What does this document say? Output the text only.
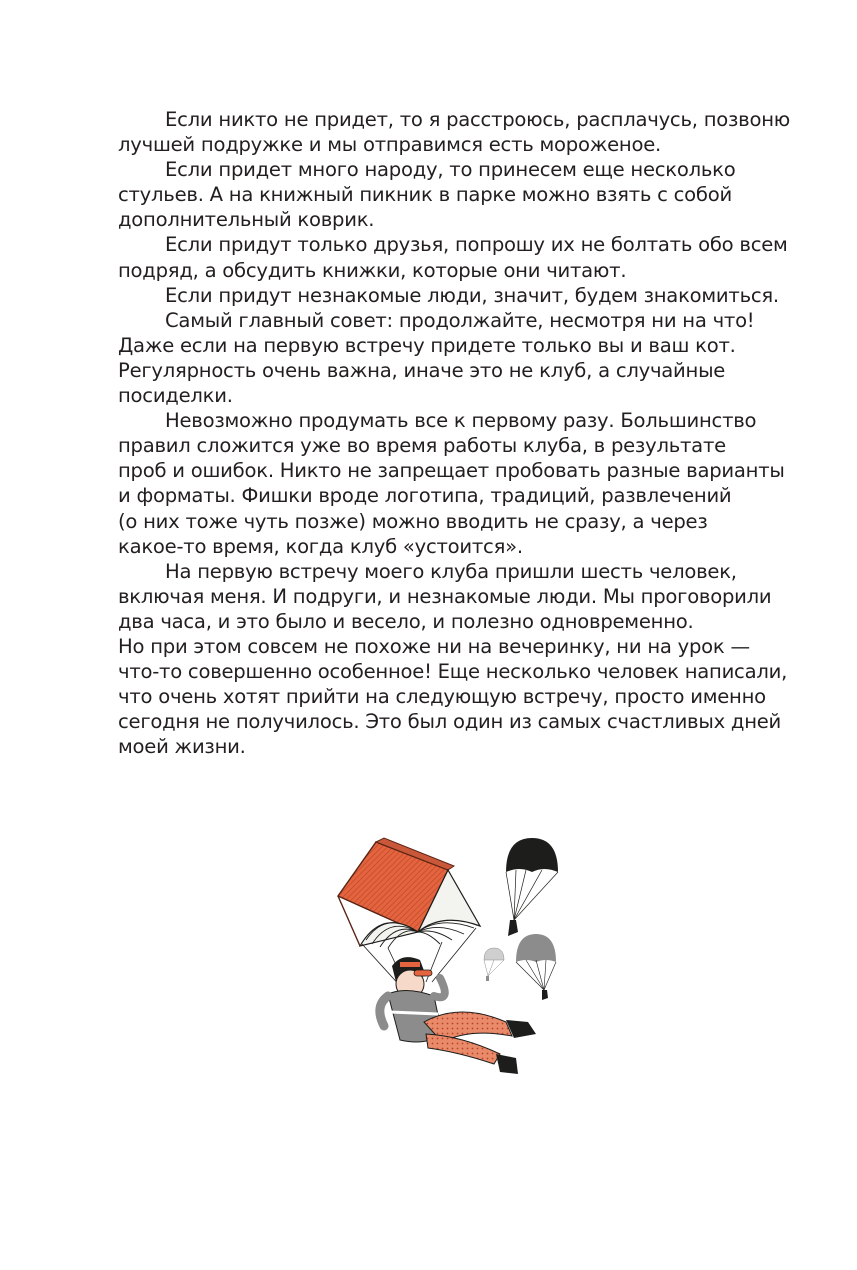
Если никто не придет, то я расстроюсь, расплачусь, позвоню
лучшей подружке и мы отправимся есть мороженое.
Если придет много народу, то принесем еще несколько
стульев. А на книжный пикник в парке можно взять с собой
дополнительный коврик.
Если придут только друзья, попрошу их не болтать обо всем
подряд, а обсудить книжки, которые они читают.
Если придут незнакомые люди, значит, будем знакомиться.
Самый главный совет: продолжайте, несмотря ни на что!
Даже если на первую встречу придете только вы и ваш кот.
Регулярность очень важна, иначе это не клуб, а случайные
посиделки.
Невозможно продумать все к первому разу. Большинство
правил сложится уже во время работы клуба, в результате
проб и ошибок. Никто не запрещает пробовать разные варианты
и форматы. Фишки вроде логотипа, традиций, развлечений
(о них тоже чуть позже) можно вводить не сразу, а через
какое-то время, когда клуб «устоится».
На первую встречу моего клуба пришли шесть человек,
включая меня. И подруги, и незнакомые люди. Мы проговорили
два часа, и это было и весело, и полезно одновременно.
Но при этом совсем не похоже ни на вечеринку, ни на урок —
что-то совершенно особенное! Еще несколько человек написали,
что очень хотят прийти на следующую встречу, просто именно
сегодня не получилось. Это был один из самых счастливых дней
моей жизни.
